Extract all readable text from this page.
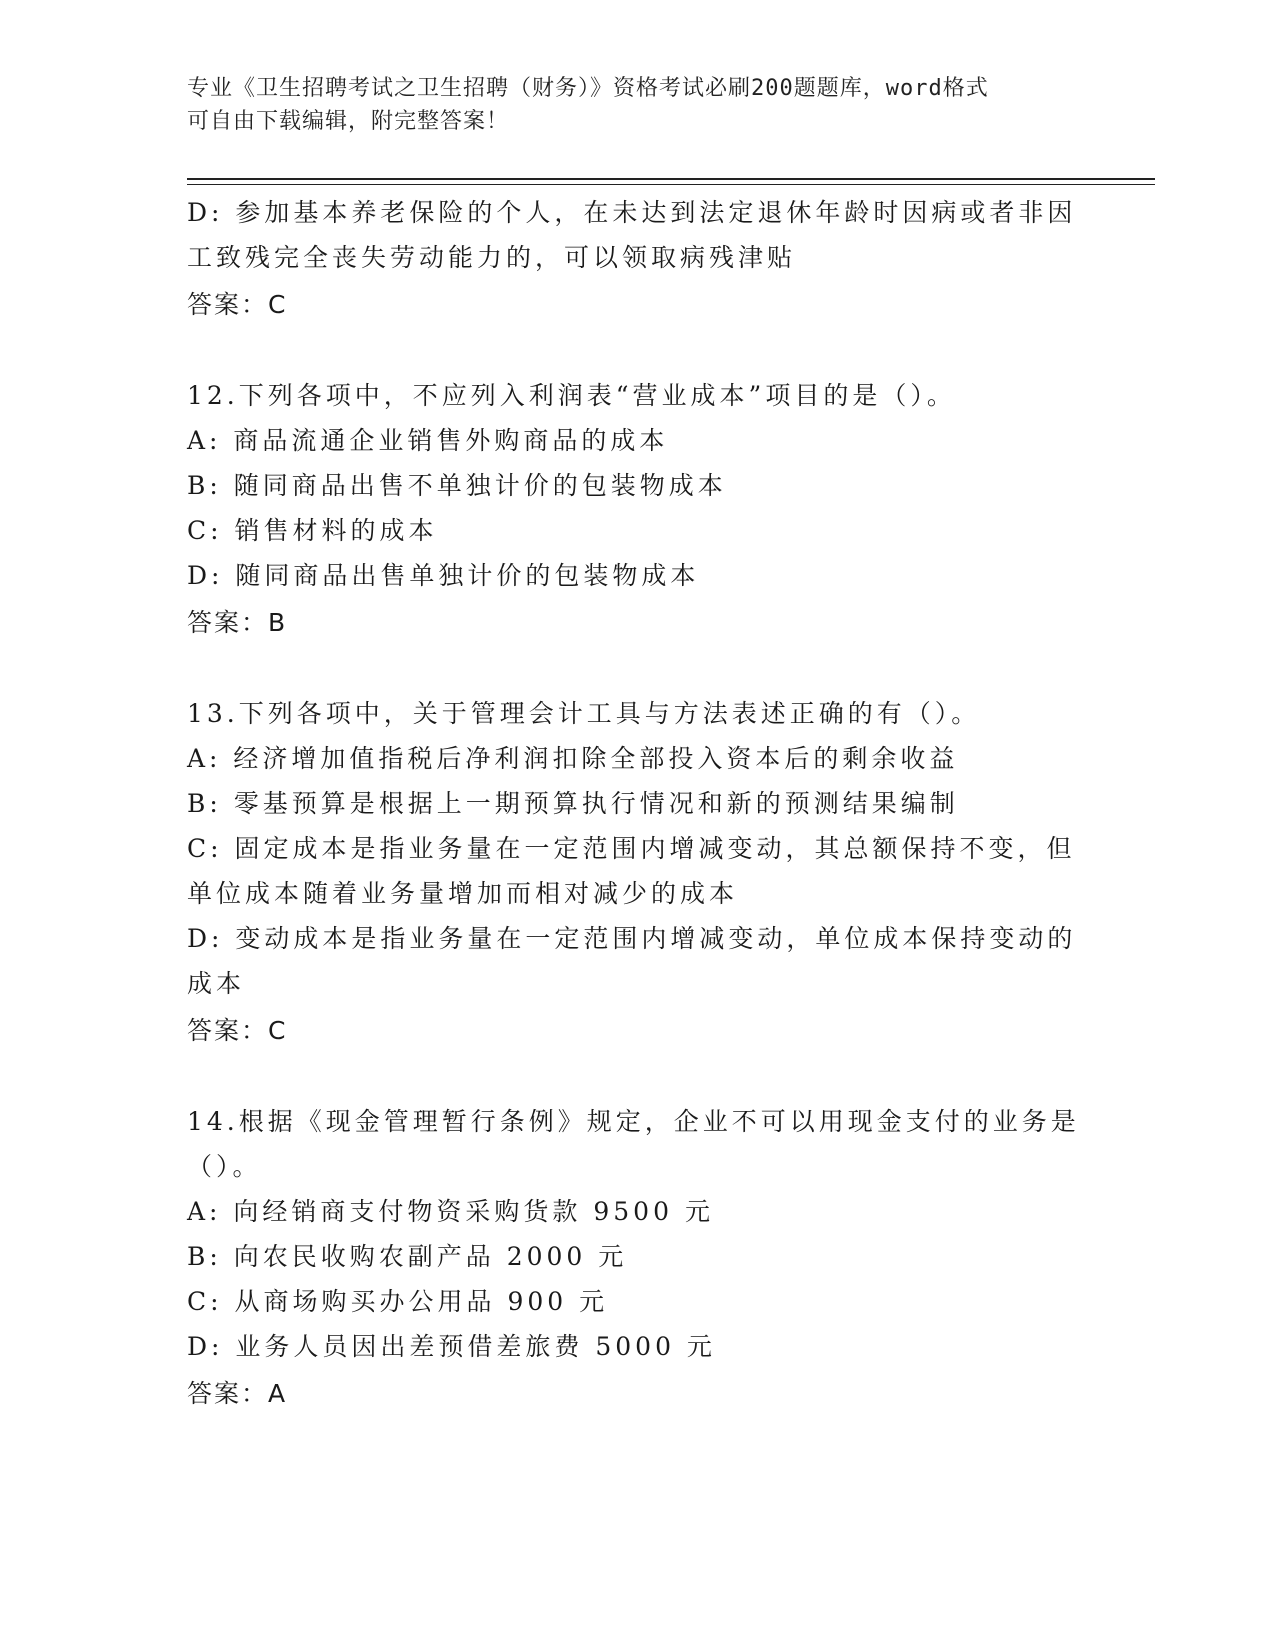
专业《卫生招聘考试之卫生招聘（财务）》资格考试必刷200题题库，word格式
可自由下载编辑，附完整答案！
D: 参加基本养老保险的个人，在未达到法定退休年龄时因病或者非因
工致残完全丧失劳动能力的，可以领取病残津贴
答案：C
12.下列各项中，不应列入利润表“营业成本”项目的是（）。
A: 商品流通企业销售外购商品的成本
B: 随同商品出售不单独计价的包装物成本
C: 销售材料的成本
D: 随同商品出售单独计价的包装物成本
答案：B
13.下列各项中，关于管理会计工具与方法表述正确的有（）。
A: 经济增加值指税后净利润扣除全部投入资本后的剩余收益
B: 零基预算是根据上一期预算执行情况和新的预测结果编制
C: 固定成本是指业务量在一定范围内增减变动，其总额保持不变，但
单位成本随着业务量增加而相对减少的成本
D: 变动成本是指业务量在一定范围内增减变动，单位成本保持变动的
成本
答案：C
14.根据《现金管理暂行条例》规定，企业不可以用现金支付的业务是
（）。
A: 向经销商支付物资采购货款 9500 元
B: 向农民收购农副产品 2000 元
C: 从商场购买办公用品 900 元
D: 业务人员因出差预借差旅费 5000 元
答案：A
